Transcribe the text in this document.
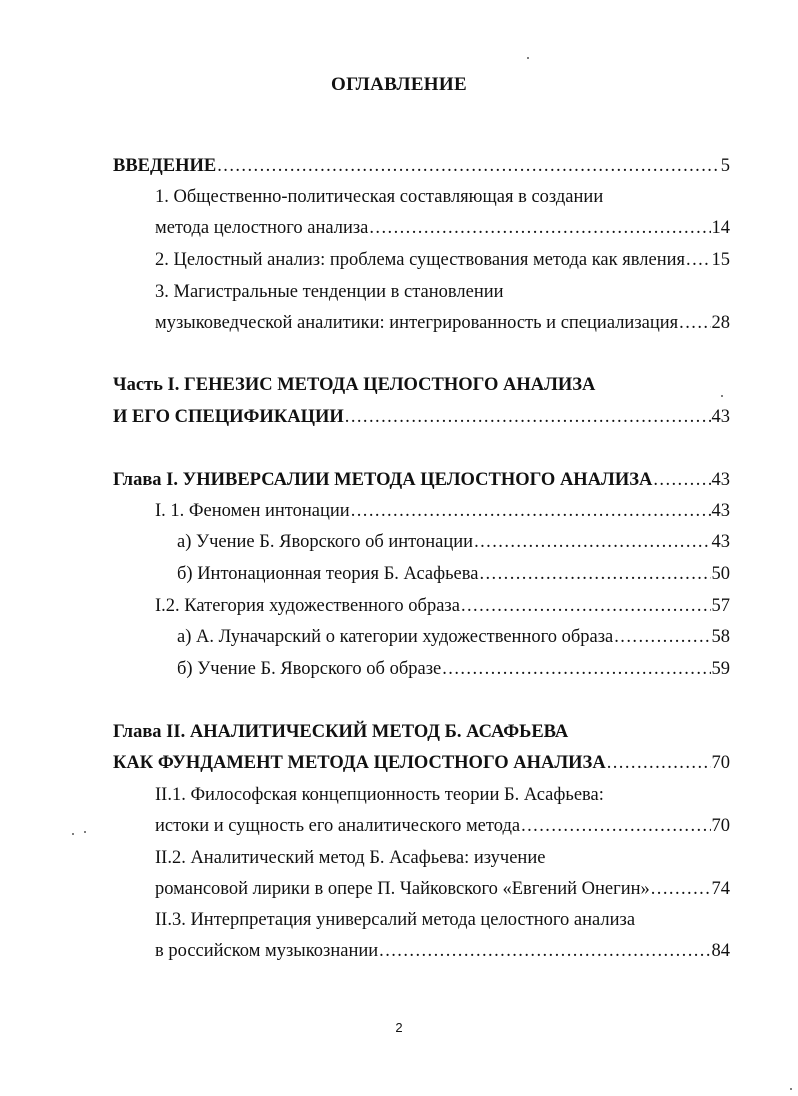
ОГЛАВЛЕНИЕ
ВВЕДЕНИЕ . . .	5
1. Общественно-политическая составляющая в создании
метода целостного анализа . . .	14
2. Целостный анализ: проблема существования метода как явления . . . 15
3. Магистральные тенденции в становлении
музыковедческой аналитики: интегрированность и специализация . . . 28
Часть I. ГЕНЕЗИС МЕТОДА ЦЕЛОСТНОГО АНАЛИЗА
И ЕГО СПЕЦИФИКАЦИИ . . .	43
Глава I. УНИВЕРСАЛИИ МЕТОДА ЦЕЛОСТНОГО АНАЛИЗА . . .	43
I. 1. Феномен интонации . . .	43
а) Учение Б. Яворского об интонации . . .	43
б) Интонационная теория Б. Асафьева . . .	50
I.2. Категория художественного образа . . .	57
а) А. Луначарский о категории художественного образа . . .	58
б) Учение Б. Яворского об образе . . .	59
Глава II. АНАЛИТИЧЕСКИЙ МЕТОД Б. АСАФЬЕВА
КАК ФУНДАМЕНТ МЕТОДА ЦЕЛОСТНОГО АНАЛИЗА . . .	70
II.1. Философская концепционность теории Б. Асафьева:
истоки и сущность его аналитического метода . . .	70
II.2. Аналитический метод Б. Асафьева: изучение
романсовой лирики в опере П. Чайковского «Евгений Онегин» . . .	74
II.3. Интерпретация универсалий метода целостного анализа
в российском музыкознании . . .	84
2
